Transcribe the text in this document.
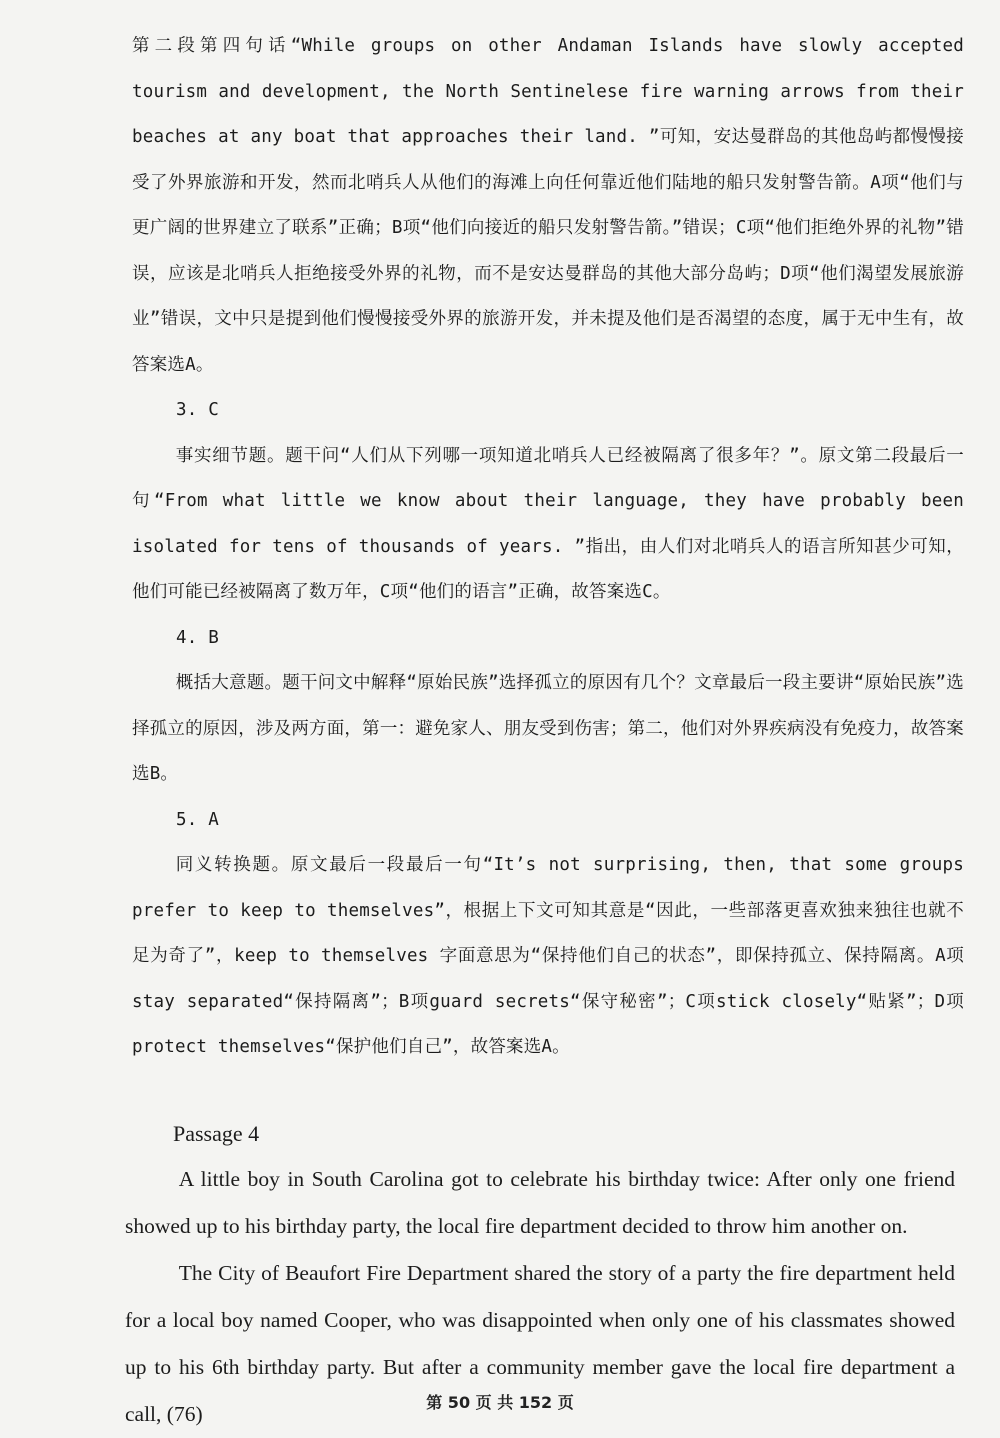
第二段第四句话“While groups on other Andaman Islands have slowly accepted tourism and development, the North Sentinelese fire warning arrows from their beaches at any boat that approaches their land. ”可知，安达曼群岛的其他岛屿都慢慢接受了外界旅游和开发，然而北哨兵人从他们的海滩上向任何靠近他们陆地的船只发射警告箭。A项“他们与更广阔的世界建立了联系”正确；B项“他们向接近的船只发射警告箭。”错误；C项“他们拒绝外界的礼物”错误，应该是北哨兵人拒绝接受外界的礼物，而不是安达曼群岛的其他大部分岛屿；D项“他们渴望发展旅游业”错误，文中只是提到他们慢慢接受外界的旅游开发，并未提及他们是否渴望的态度，属于无中生有，故答案选A。

3. C

事实细节题。题干问“人们从下列哪一项知道北哨兵人已经被隔离了很多年？”。原文第二段最后一句“From what little we know about their language, they have probably been isolated for tens of thousands of years. ”指出，由人们对北哨兵人的语言所知甚少可知，他们可能已经被隔离了数万年，C项“他们的语言”正确，故答案选C。

4. B

概括大意题。题干问文中解释“原始民族”选择孤立的原因有几个？文章最后一段主要讲“原始民族”选择孤立的原因，涉及两方面，第一：避免家人、朋友受到伤害；第二，他们对外界疾病没有免疫力，故答案选B。

5. A

同义转换题。原文最后一段最后一句“It’s not surprising, then, that some groups prefer to keep to themselves”，根据上下文可知其意是“因此，一些部落更喜欢独来独往也就不足为奇了”，keep to themselves 字面意思为“保持他们自己的状态”，即保持孤立、保持隔离。A项stay separated“保持隔离”；B项guard secrets“保守秘密”；C项stick closely“贴紧”；D项protect themselves“保护他们自己”，故答案选A。

Passage 4

A little boy in South Carolina got to celebrate his birthday twice: After only one friend showed up to his birthday party, the local fire department decided to throw him another on.

The City of Beaufort Fire Department shared the story of a party the fire department held for a local boy named Cooper, who was disappointed when only one of his classmates showed up to his 6th birthday party. But after a community member gave the local fire department a call, (76)	第 50 页 共 152 页
